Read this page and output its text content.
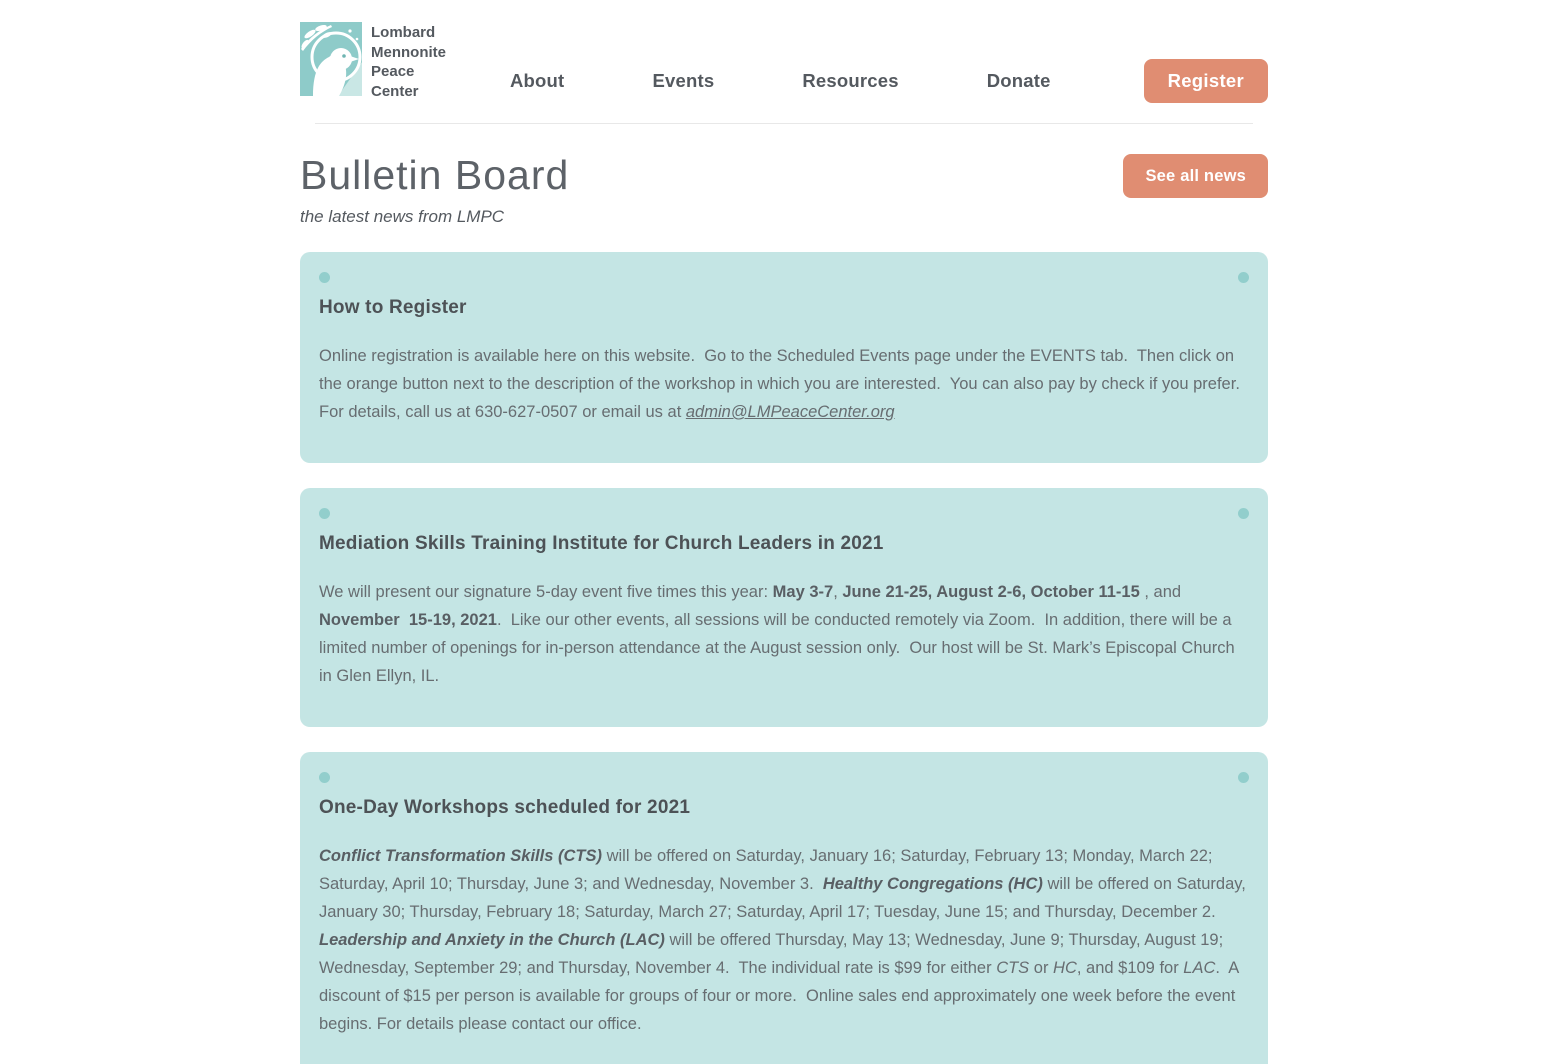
Lombard
Mennonite
Peace
Center	About	Events	Resources	Donate	Register
Bulletin Board
the latest news from LMPC
See all news
How to Register

Online registration is available here on this website.  Go to the Scheduled Events page under the EVENTS tab.  Then click on the orange button next to the description of the workshop in which you are interested.  You can also pay by check if you prefer.  For details, call us at 630-627-0507 or email us at admin@LMPeaceCenter.org

Mediation Skills Training Institute for Church Leaders in 2021

We will present our signature 5-day event five times this year: May 3-7, June 21-25, August 2-6, October 11-15 , and November  15-19, 2021.  Like our other events, all sessions will be conducted remotely via Zoom.  In addition, there will be a limited number of openings for in-person attendance at the August session only.  Our host will be St. Mark’s Episcopal Church in Glen Ellyn, IL.

One-Day Workshops scheduled for 2021

Conflict Transformation Skills (CTS) will be offered on Saturday, January 16; Saturday, February 13; Monday, March 22; Saturday, April 10; Thursday, June 3; and Wednesday, November 3.  Healthy Congregations (HC) will be offered on Saturday, January 30; Thursday, February 18; Saturday, March 27; Saturday, April 17; Tuesday, June 15; and Thursday, December 2.  Leadership and Anxiety in the Church (LAC) will be offered Thursday, May 13; Wednesday, June 9; Thursday, August 19; Wednesday, September 29; and Thursday, November 4.  The individual rate is $99 for either CTS or HC, and $109 for LAC.  A discount of $15 per person is available for groups of four or more.  Online sales end approximately one week before the event begins. For details please contact our office.
